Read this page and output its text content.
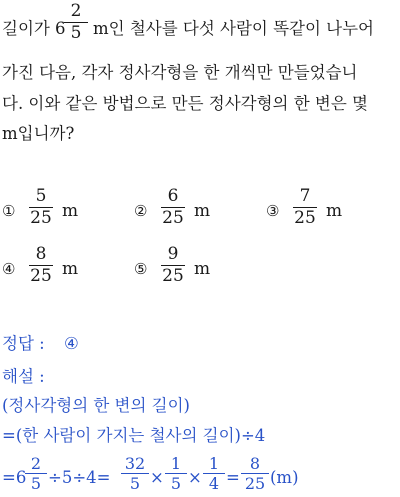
길이가 6
2
5 m인 철사를 다섯 사람이 똑같이 나누어
가진 다음, 각자 정사각형을 한 개씩만 만들었습니
다. 이와 같은 방법으로 만든 정사각형의 한 변은 몇
m입니까?
①
5
25 m	②
6
25 m	③
7
25 m
④
8
25 m	⑤
9
25 m
정답 : ④
해설 :
(정사각형의 한 변의 길이)
=(한 사람이 가지는 철사의 길이)÷4
=6
2
5 ÷5÷4=
32
5 ×
1
5 ×
1
4 =
8
25 (m)
